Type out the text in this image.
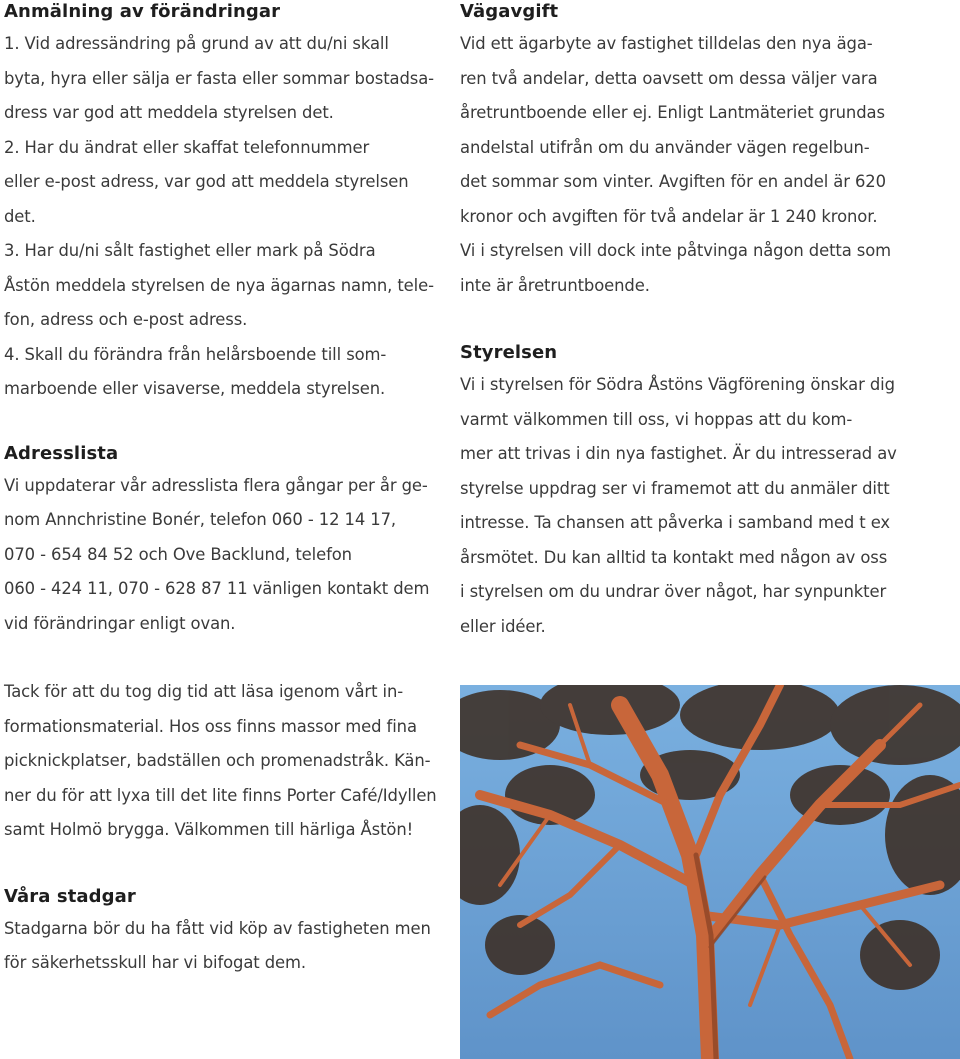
Anmälning av förändringar

1. Vid adressändring på grund av att du/ni skall

byta, hyra eller sälja er fasta eller sommar bostadsa-

dress var god att meddela styrelsen det.

2. Har du ändrat eller skaffat telefonnummer

eller e-post adress, var god att meddela styrelsen det.

3. Har du/ni sålt fastighet eller mark på Södra

Åstön meddela styrelsen de nya ägarnas namn, tele-

fon, adress och e-post adress.

4. Skall du förändra från helårsboende till som-

marboende eller visaverse, meddela styrelsen.

Adresslista

Vi uppdaterar vår adresslista flera gångar per år ge-

nom Annchristine Bonér, telefon 060 - 12 14 17,

070 - 654 84 52 och Ove Backlund, telefon

060 - 424 11, 070 - 628 87 11 vänligen kontakt dem

vid förändringar enligt ovan.

Tack för att du tog dig tid att läsa igenom vårt in-

formationsmaterial. Hos oss finns massor med fina

picknickplatser, badställen och promenadstråk. Kän-

ner du för att lyxa till det lite finns Porter Café/Idyllen

samt Holmö brygga. Välkommen till härliga Åstön!

Våra stadgar

Stadgarna bör du ha fått vid köp av fastigheten men

för säkerhetsskull har vi bifogat dem.

Vägavgift

Vid ett ägarbyte av fastighet tilldelas den nya äga-

ren två andelar, detta oavsett om dessa väljer vara

åretruntboende eller ej. Enligt Lantmäteriet grundas

andelstal utifrån om du använder vägen regelbun-

det sommar som vinter. Avgiften för en andel är 620

kronor och avgiften för två andelar är 1 240 kronor.

Vi i styrelsen vill dock inte påtvinga någon detta som

inte är åretruntboende.

Styrelsen

Vi i styrelsen för Södra Åstöns Vägförening önskar dig

varmt välkommen till oss, vi hoppas att du kom-

mer att trivas i din nya fastighet. Är du intresserad av

styrelse uppdrag ser vi framemot att du anmäler ditt

intresse. Ta chansen att påverka i samband med t ex

årsmötet. Du kan alltid ta kontakt med någon av oss

i styrelsen om du undrar över något, har synpunkter

eller idéer.
